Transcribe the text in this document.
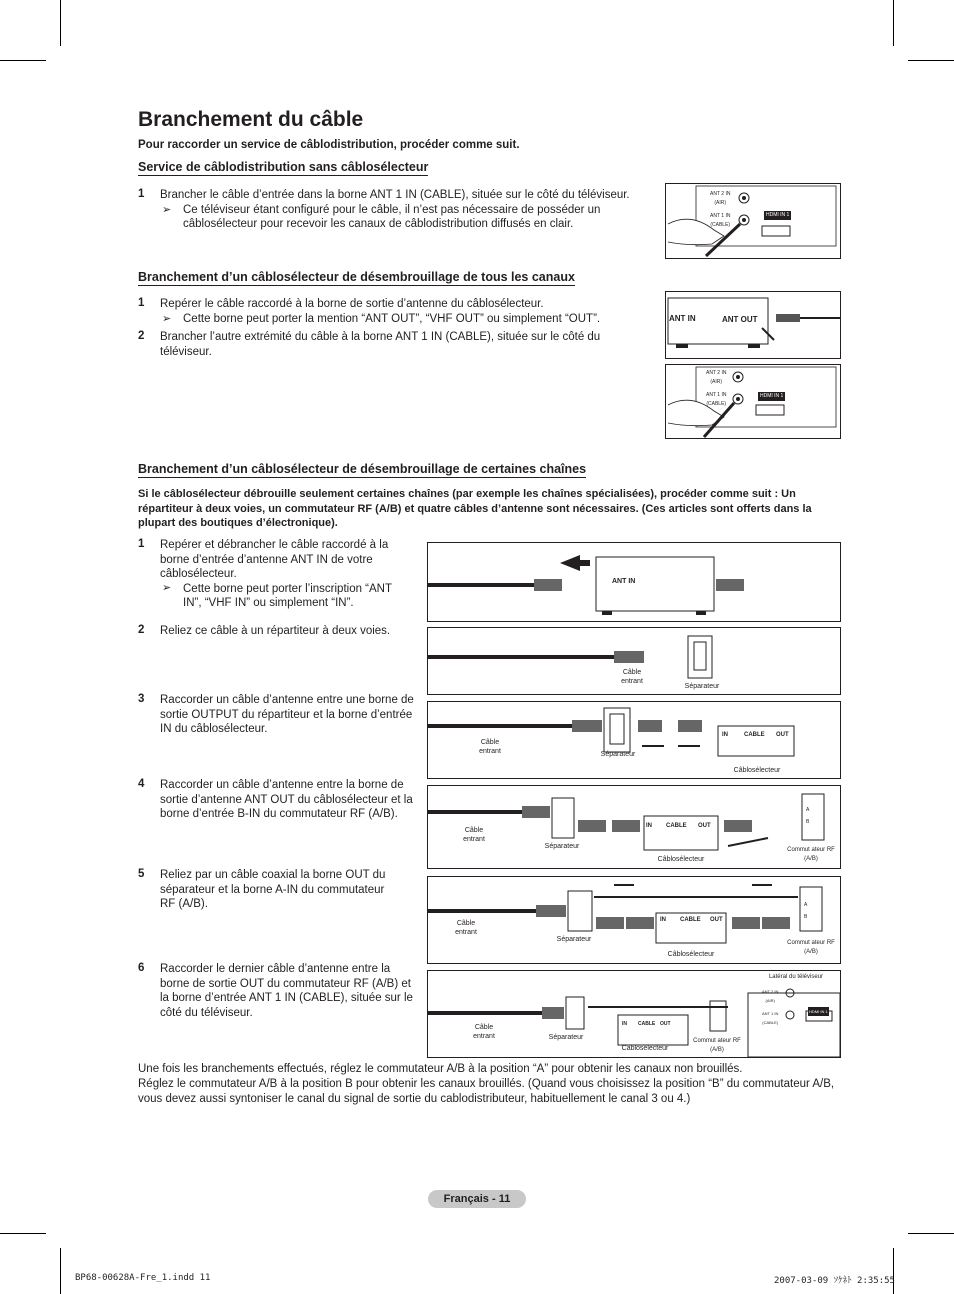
Branchement du câble
Pour raccorder un service de câblodistribution, procéder comme suit.
Service de câblodistribution sans câblosélecteur
1 Brancher le câble d’entrée dans la borne ANT 1 IN (CABLE), située sur le côté du téléviseur.
➢ Ce téléviseur étant configuré pour le câble, il n’est pas nécessaire de posséder un câblosélecteur pour recevoir les canaux de câblodistribution diffusés en clair.
ANT 2 IN
(AIR)
ANT 1 IN
(CABLE)
HDMI IN 1
Branchement d’un câblosélecteur de désembrouillage de tous les canaux
1 Repérer le câble raccordé à la borne de sortie d’antenne du câblosélecteur.
➢ Cette borne peut porter la mention “ANT OUT”, “VHF OUT” ou simplement “OUT”.
2 Brancher l’autre extrémité du câble à la borne ANT 1 IN (CABLE), située sur le côté du téléviseur.
ANT IN	ANT OUT
ANT 2 IN
(AIR)
ANT 1 IN
(CABLE)
HDMI IN 1
Branchement d’un câblosélecteur de désembrouillage de certaines chaînes
Si le câblosélecteur débrouille seulement certaines chaînes (par exemple les chaînes spécialisées), procéder comme suit : Un répartiteur à deux voies, un commutateur RF (A/B) et quatre câbles d’antenne sont nécessaires. (Ces articles sont offerts dans la plupart des boutiques d’électronique).
1 Repérer et débrancher le câble raccordé à la borne d’entrée d’antenne ANT IN de votre câblosélecteur.
➢ Cette borne peut porter l’inscription “ANT IN”, “VHF IN” ou simplement “IN”.
2 Reliez ce câble à un répartiteur à deux voies.
3 Raccorder un câble d’antenne entre une borne de sortie OUTPUT du répartiteur et la borne d’entrée IN du câblosélecteur.
4 Raccorder un câble d’antenne entre la borne de sortie d’antenne ANT OUT du câblosélecteur et la borne d’entrée B-IN du commutateur RF (A/B).
5 Reliez par un câble coaxial la borne OUT du séparateur et la borne A-IN du commutateur RF (A/B).
6 Raccorder le dernier câble d’antenne entre la borne de sortie OUT du commutateur RF (A/B) et la borne d’entrée ANT 1 IN (CABLE), située sur le côté du téléviseur.
ANT IN
Câble entrant
Séparateur
Câble entrant	Séparateur
IN	CABLE OUT
Câblosélecteur
Câble entrant
Séparateur
IN CABLE OUT
Câblosélecteur
A
B
Commut ateur RF (A/B)
Câble entrant
Séparateur
IN CABLE OUT
Câblosélecteur
A
B
Commut ateur RF (A/B)
Câble entrant	Séparateur
IN CABLE OUT
Câblosélecteur
Commut ateur RF (A/B)
Latéral du téléviseur
ANT 2 IN
(AIR)
ANT 1 IN
(CABLE)
HDMI IN 1
Une fois les branchements effectués, réglez le commutateur A/B à la position “A” pour obtenir les canaux non brouillés.
Réglez le commutateur A/B à la position B pour obtenir les canaux brouillés. (Quand vous choisissez la position “B” du commutateur A/B, vous devez aussi syntoniser le canal du signal de sortie du cablodistributeur, habituellement le canal 3 ou 4.)
Français - 11
BP68-00628A-Fre_1.indd 11	2007-03-09 ｿｹﾈﾄ 2:35:55
